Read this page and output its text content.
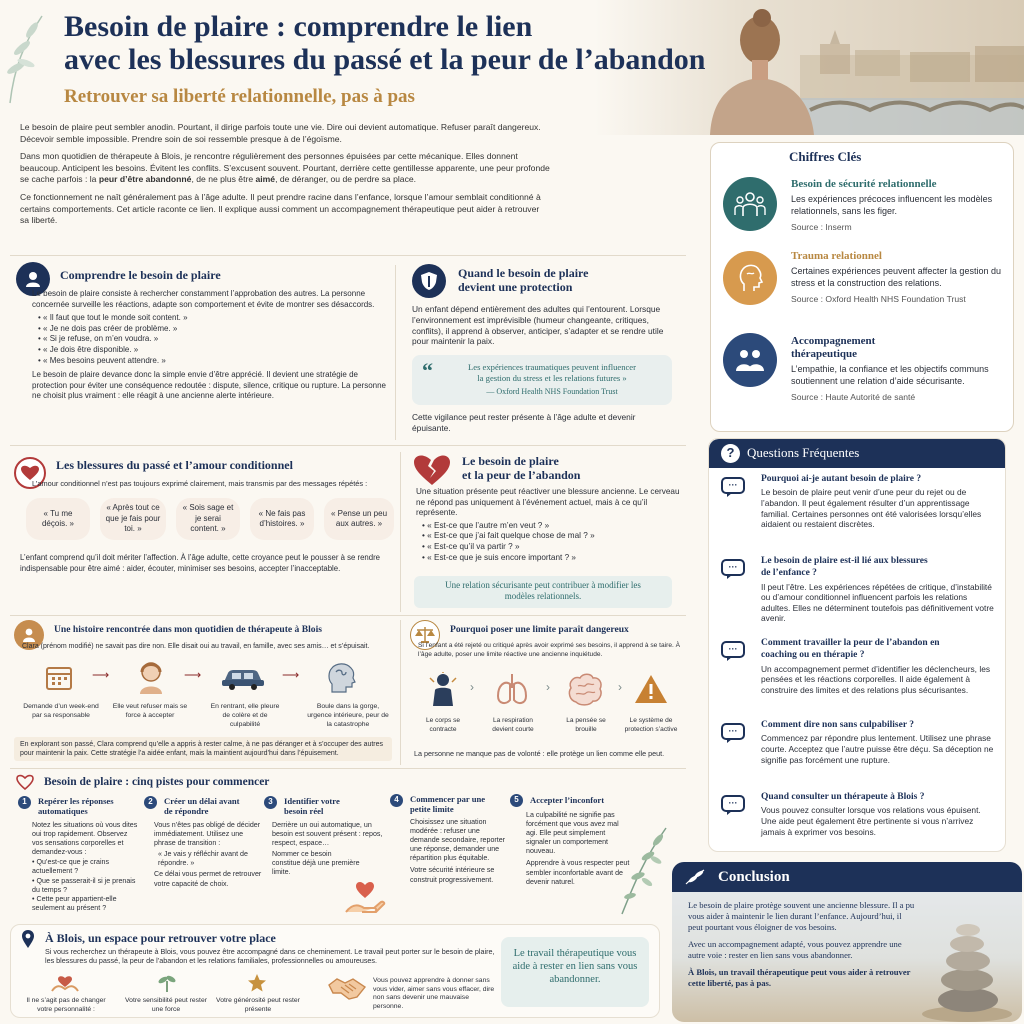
Besoin de plaire : comprendre le lien
avec les blessures du passé et la peur de l’abandon
Retrouver sa liberté relationnelle, pas à pas

Le besoin de plaire peut sembler anodin. Pourtant, il dirige parfois toute une vie. Dire oui devient automatique. Refuser paraît dangereux. Décevoir semble impossible. Prendre soin de soi ressemble presque à de l’égoïsme.

Dans mon quotidien de thérapeute à Blois, je rencontre régulièrement des personnes épuisées par cette mécanique. Elles donnent beaucoup. Anticipent les besoins. Évitent les conflits. S’excusent souvent. Pourtant, derrière cette gentillesse apparente, une peur profonde se cache parfois : la peur d’être abandonné, de ne plus être aimé, de déranger, ou de perdre sa place.

Ce fonctionnement ne naît généralement pas à l’âge adulte. Il peut prendre racine dans l’enfance, lorsque l’amour semblait conditionné à certains comportements. Cet article raconte ce lien. Il explique aussi comment un accompagnement thérapeutique peut aider à retrouver sa liberté.

Comprendre le besoin de plaire

Le besoin de plaire consiste à rechercher constamment l’approbation des autres. La personne concernée surveille les réactions, adapte son comportement et évite de montrer ses désaccords.

• « Il faut que tout le monde soit content. »
• « Je ne dois pas créer de problème. »
• « Si je refuse, on m’en voudra. »
• « Je dois être disponible. »
• « Mes besoins peuvent attendre. »

Le besoin de plaire devance donc la simple envie d’être apprécié. Il devient une stratégie de protection pour éviter une conséquence redoutée : dispute, silence, critique ou rupture. La personne ne choisit plus vraiment : elle réagit à une ancienne alerte intérieure.

Quand le besoin de plaire
devient une protection

Un enfant dépend entièrement des adultes qui l’entourent. Lorsque l’environnement est imprévisible (humeur changeante, critiques, conflits), il apprend à observer, anticiper, s’adapter et se rendre utile pour maintenir la paix.

“	Les expériences traumatiques peuvent influencer
la gestion du stress et les relations futures »
— Oxford Health NHS Foundation Trust

Cette vigilance peut rester présente à l’âge adulte et devenir épuisante.

Les blessures du passé et l’amour conditionnel

L’amour conditionnel n’est pas toujours exprimé clairement, mais transmis par des messages répétés :

« Tu me déçois. »
« Après tout ce que je fais pour toi. »
« Sois sage et je serai content. »
« Ne fais pas d’histoires. »
« Pense un peu aux autres. »

L’enfant comprend qu’il doit mériter l’affection. À l’âge adulte, cette croyance peut le pousser à se rendre indispensable pour être aimé : aider, écouter, minimiser ses besoins, accepter l’inacceptable.

Le besoin de plaire
et la peur de l’abandon

Une situation présente peut réactiver une blessure ancienne. Le cerveau ne répond pas uniquement à l’événement actuel, mais à ce qu’il représente.

• « Est-ce que l’autre m’en veut ? »
• « Est-ce que j’ai fait quelque chose de mal ? »
• « Est-ce qu’il va partir ? »
• « Est-ce que je suis encore important ? »
Une relation sécurisante peut contribuer à modifier les modèles relationnels.
Une histoire rencontrée dans mon quotidien de thérapeute à Blois

Clara (prénom modifié) ne savait pas dire non. Elle disait oui au travail, en famille, avec ses amis… et s’épuisait.

⟶	⟶	⟶
Demande d’un week-end par sa responsable
Elle veut refuser mais se force à accepter
En rentrant, elle pleure de colère et de culpabilité
Boule dans la gorge, urgence intérieure, peur de la catastrophe

En explorant son passé, Clara comprend qu’elle a appris à rester calme, à ne pas déranger et à s’occuper des autres pour maintenir la paix. Cette stratégie l’a aidée enfant, mais la maintient aujourd’hui dans l’épuisement.

Pourquoi poser une limite paraît dangereux

Si l’enfant a été rejeté ou critiqué après avoir exprimé ses besoins, il apprend à se taire. À l’âge adulte, poser une limite réactive une ancienne inquiétude.

›	›	›
Le corps se contracte
La respiration devient courte
La pensée se brouille
Le système de protection s’active

La personne ne manque pas de volonté : elle protège un lien comme elle peut.

Besoin de plaire : cinq pistes pour commencer
1	Repérer les réponses automatiques

Notez les situations où vous dites oui trop rapidement. Observez vos sensations corporelles et demandez-vous :

• Qu’est-ce que je crains actuellement ?
• Que se passerait-il si je prenais du temps ?
• Cette peur appartient-elle seulement au présent ?
2	Créer un délai avant de répondre

Vous n’êtes pas obligé de décider immédiatement. Utilisez une phrase de transition :

« Je vais y réfléchir avant de répondre. »

Ce délai vous permet de retrouver votre capacité de choix.

3	Identifier votre besoin réel

Derrière un oui automatique, un besoin est souvent présent : repos, respect, espace…

Nommer ce besoin constitue déjà une première limite.

4	Commencer par une petite limite

Choisissez une situation modérée : refuser une demande secondaire, reporter une réponse, demander une répartition plus équitable.

Votre sécurité intérieure se construit progressivement.

5	Accepter l’inconfort

La culpabilité ne signifie pas forcément que vous avez mal agi. Elle peut simplement signaler un comportement nouveau.

Apprendre à vous respecter peut sembler inconfortable avant de devenir naturel.

À Blois, un espace pour retrouver votre place

Si vous recherchez un thérapeute à Blois, vous pouvez être accompagné dans ce cheminement. Le travail peut porter sur le besoin de plaire, les blessures du passé, la peur de l’abandon et les relations familiales, professionnelles ou amoureuses.

Il ne s’agit pas de changer votre personnalité :
Votre sensibilité peut rester une force
Votre générosité peut rester présente
Vous pouvez apprendre à donner sans vous vider, aimer sans vous effacer, dire non sans devenir une mauvaise personne.
Le travail thérapeutique vous aide à rester en lien sans vous abandonner.
Chiffres Clés
Besoin de sécurité relationnelle
Les expériences précoces influencent les modèles relationnels, sans les figer.
Source : Inserm
Trauma relationnel
Certaines expériences peuvent affecter la gestion du stress et la construction des relations.
Source : Oxford Health NHS Foundation Trust
Accompagnement thérapeutique
L’empathie, la confiance et les objectifs communs soutiennent une relation d’aide sécurisante.
Source : Haute Autorité de santé
? Questions Fréquentes
···
Pourquoi ai-je autant besoin de plaire ?
Le besoin de plaire peut venir d’une peur du rejet ou de l’abandon. Il peut également résulter d’un apprentissage familial. Certaines personnes ont été valorisées lorsqu’elles aidaient ou restaient discrètes.
···
Le besoin de plaire est-il lié aux blessures de l’enfance ?
Il peut l’être. Les expériences répétées de critique, d’instabilité ou d’amour conditionnel influencent parfois les relations adultes. Elles ne déterminent toutefois pas définitivement votre avenir.
···
Comment travailler la peur de l’abandon en coaching ou en thérapie ?
Un accompagnement permet d’identifier les déclencheurs, les pensées et les réactions corporelles. Il aide également à construire des limites et des relations plus sécurisantes.
···
Comment dire non sans culpabiliser ?
Commencez par répondre plus lentement. Utilisez une phrase courte. Acceptez que l’autre puisse être déçu. Sa déception ne signifie pas forcément une rupture.
···
Quand consulter un thérapeute à Blois ?
Vous pouvez consulter lorsque vos relations vous épuisent. Une aide peut également être pertinente si vous n’arrivez jamais à exprimer vos besoins.
Conclusion

Le besoin de plaire protège souvent une ancienne blessure. Il a pu vous aider à maintenir le lien durant l’enfance. Aujourd’hui, il peut pourtant vous éloigner de vos besoins.

Avec un accompagnement adapté, vous pouvez apprendre une autre voie : rester en lien sans vous abandonner.

À Blois, un travail thérapeutique peut vous aider à retrouver cette liberté, pas à pas.
